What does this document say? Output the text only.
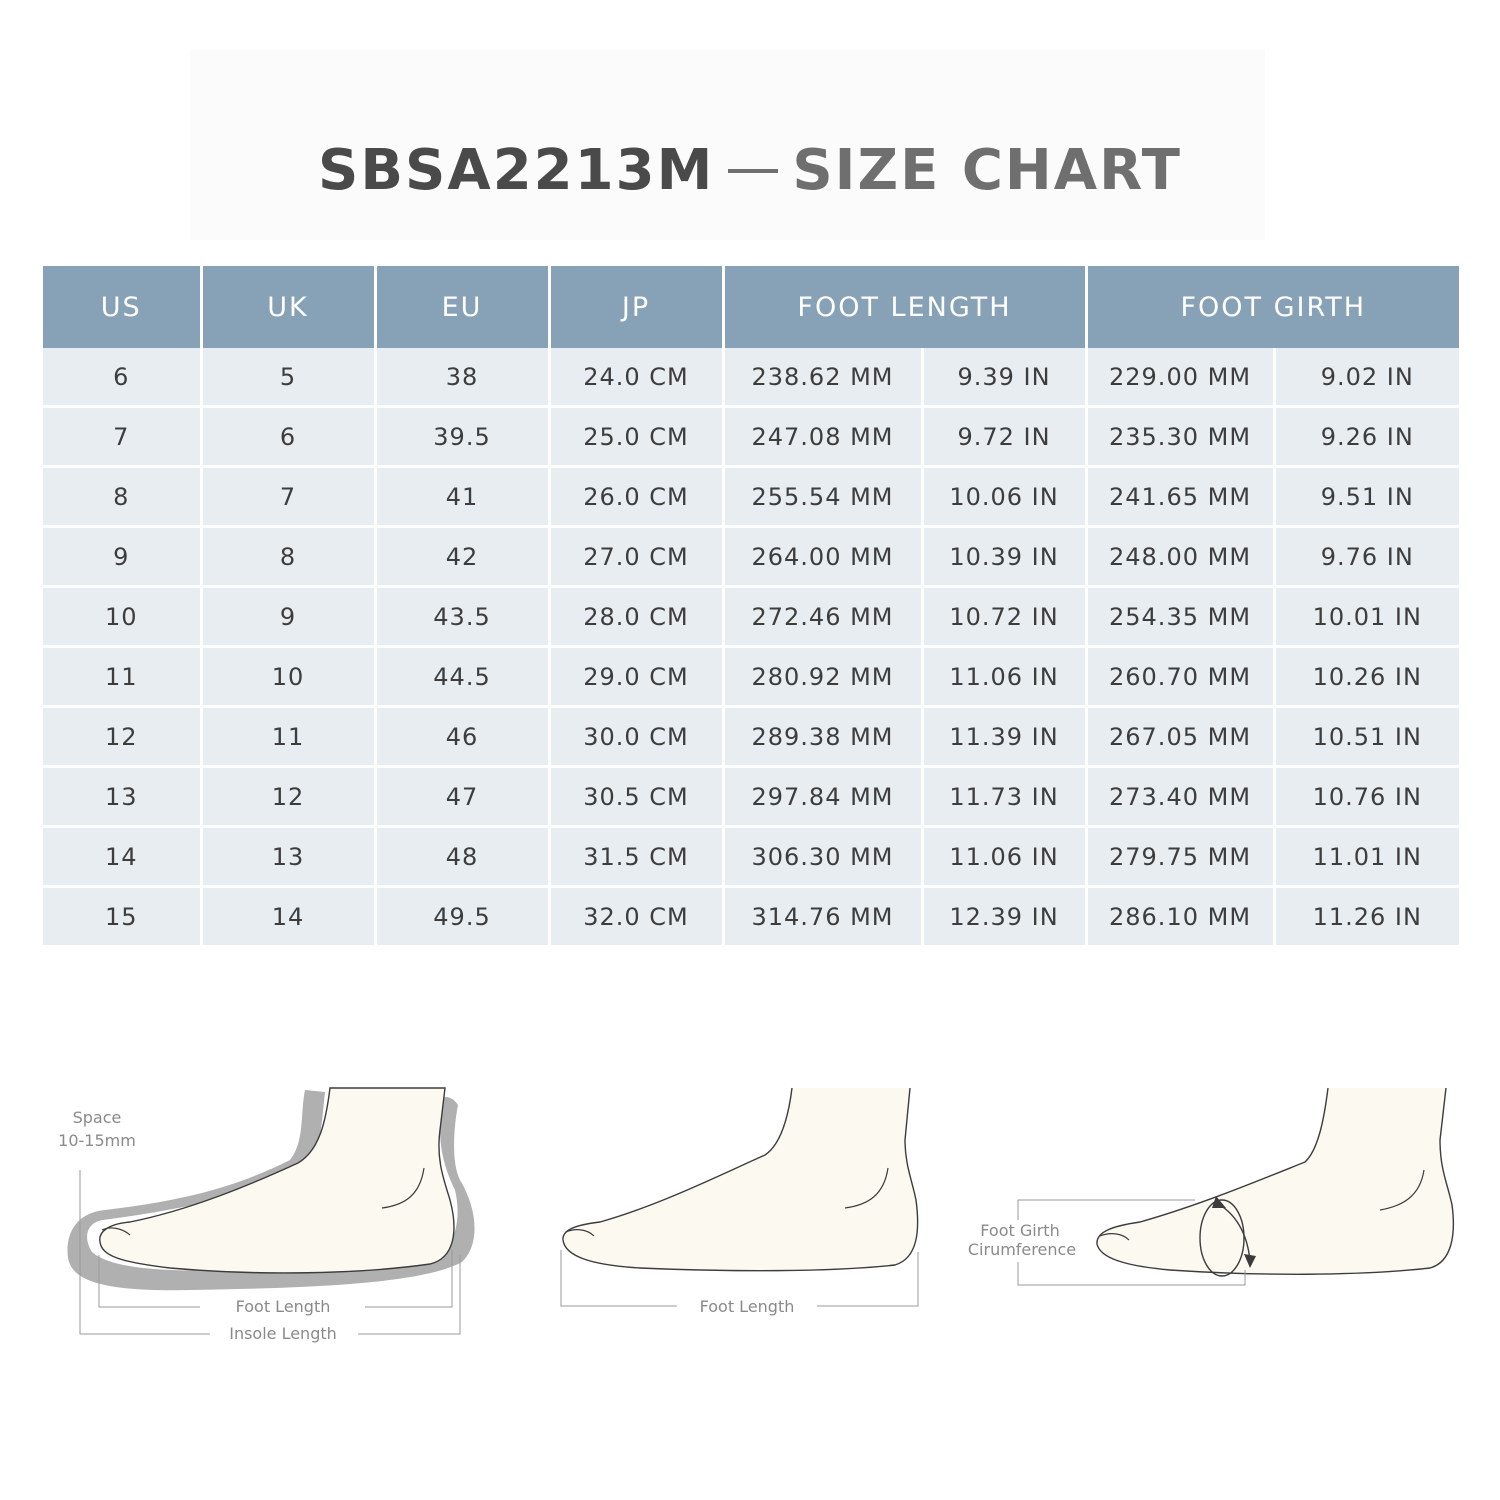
SBSA2213M SIZE CHART
US	UK	EU	JP	FOOT LENGTH		FOOT GIRTH	
6	5	38	24.0 CM	238.62 MM	9.39 IN	229.00 MM	9.02 IN
7	6	39.5	25.0 CM	247.08 MM	9.72 IN	235.30 MM	9.26 IN
8	7	41	26.0 CM	255.54 MM	10.06 IN	241.65 MM	9.51 IN
9	8	42	27.0 CM	264.00 MM	10.39 IN	248.00 MM	9.76 IN
10	9	43.5	28.0 CM	272.46 MM	10.72 IN	254.35 MM	10.01 IN
11	10	44.5	29.0 CM	280.92 MM	11.06 IN	260.70 MM	10.26 IN
12	11	46	30.0 CM	289.38 MM	11.39 IN	267.05 MM	10.51 IN
13	12	47	30.5 CM	297.84 MM	11.73 IN	273.40 MM	10.76 IN
14	13	48	31.5 CM	306.30 MM	11.06 IN	279.75 MM	11.01 IN
15	14	49.5	32.0 CM	314.76 MM	12.39 IN	286.10 MM	11.26 IN
Space
10-15mm
Foot Length
Insole Length
Foot Length
Foot Girth
Cirumference
